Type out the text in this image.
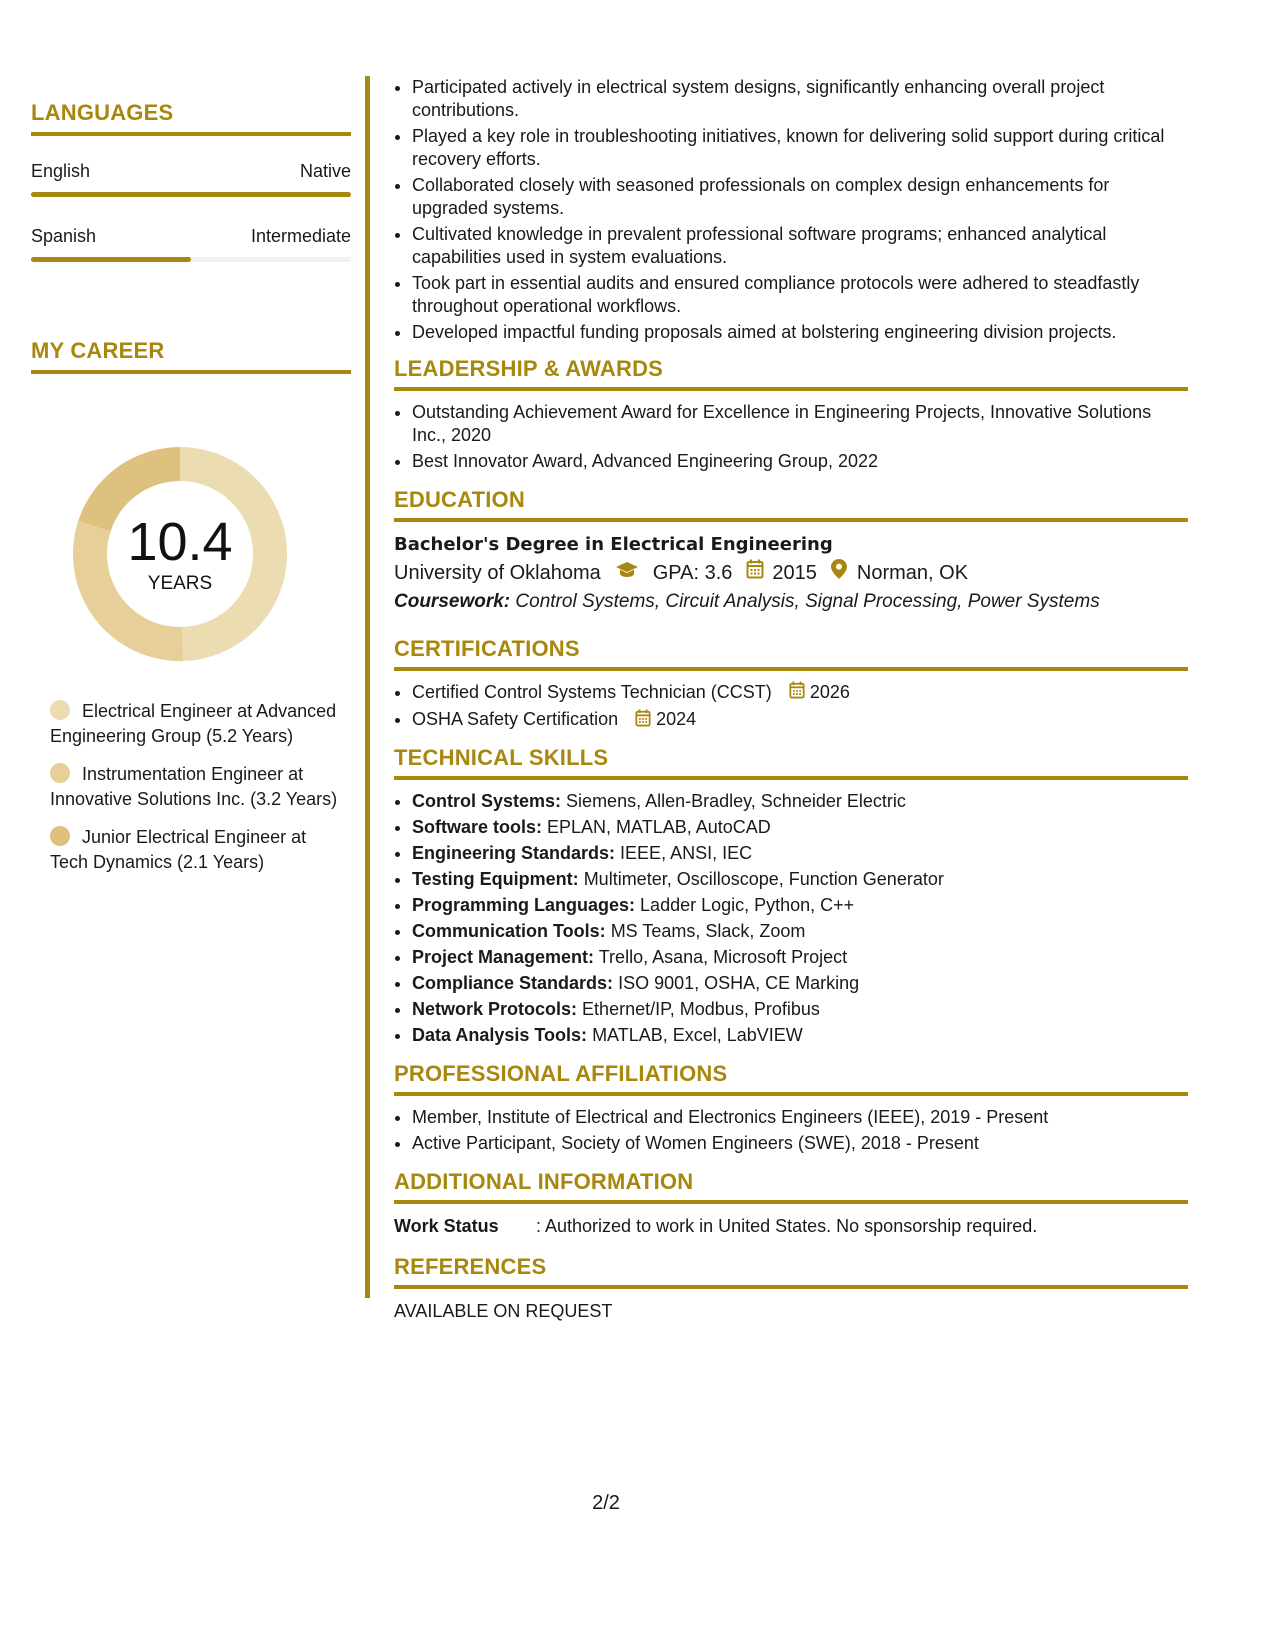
LANGUAGES
English	Native
Spanish	Intermediate
MY CAREER
10.4
YEARS
Electrical Engineer at Advanced Engineering Group (5.2 Years)
Instrumentation Engineer at Innovative Solutions Inc. (3.2 Years)
Junior Electrical Engineer at Tech Dynamics (2.1 Years)
• Participated actively in electrical system designs, significantly enhancing overall project contributions.
• Played a key role in troubleshooting initiatives, known for delivering solid support during critical recovery efforts.
• Collaborated closely with seasoned professionals on complex design enhancements for upgraded systems.
• Cultivated knowledge in prevalent professional software programs; enhanced analytical capabilities used in system evaluations.
• Took part in essential audits and ensured compliance protocols were adhered to steadfastly throughout operational workflows.
• Developed impactful funding proposals aimed at bolstering engineering division projects.
LEADERSHIP & AWARDS
• Outstanding Achievement Award for Excellence in Engineering Projects, Innovative Solutions Inc., 2020
• Best Innovator Award, Advanced Engineering Group, 2022
EDUCATION
Bachelor's Degree in Electrical Engineering
University of Oklahoma	GPA: 3.6 2015 Norman, OK
Coursework: Control Systems, Circuit Analysis, Signal Processing, Power Systems
CERTIFICATIONS
• Certified Control Systems Technician (CCST) 2026
• OSHA Safety Certification 2024
TECHNICAL SKILLS
• Control Systems: Siemens, Allen-Bradley, Schneider Electric
• Software tools: EPLAN, MATLAB, AutoCAD
• Engineering Standards: IEEE, ANSI, IEC
• Testing Equipment: Multimeter, Oscilloscope, Function Generator
• Programming Languages: Ladder Logic, Python, C++
• Communication Tools: MS Teams, Slack, Zoom
• Project Management: Trello, Asana, Microsoft Project
• Compliance Standards: ISO 9001, OSHA, CE Marking
• Network Protocols: Ethernet/IP, Modbus, Profibus
• Data Analysis Tools: MATLAB, Excel, LabVIEW
PROFESSIONAL AFFILIATIONS
• Member, Institute of Electrical and Electronics Engineers (IEEE), 2019 - Present
• Active Participant, Society of Women Engineers (SWE), 2018 - Present
ADDITIONAL INFORMATION
Work Status	: Authorized to work in United States. No sponsorship required.
REFERENCES
AVAILABLE ON REQUEST
2/2
